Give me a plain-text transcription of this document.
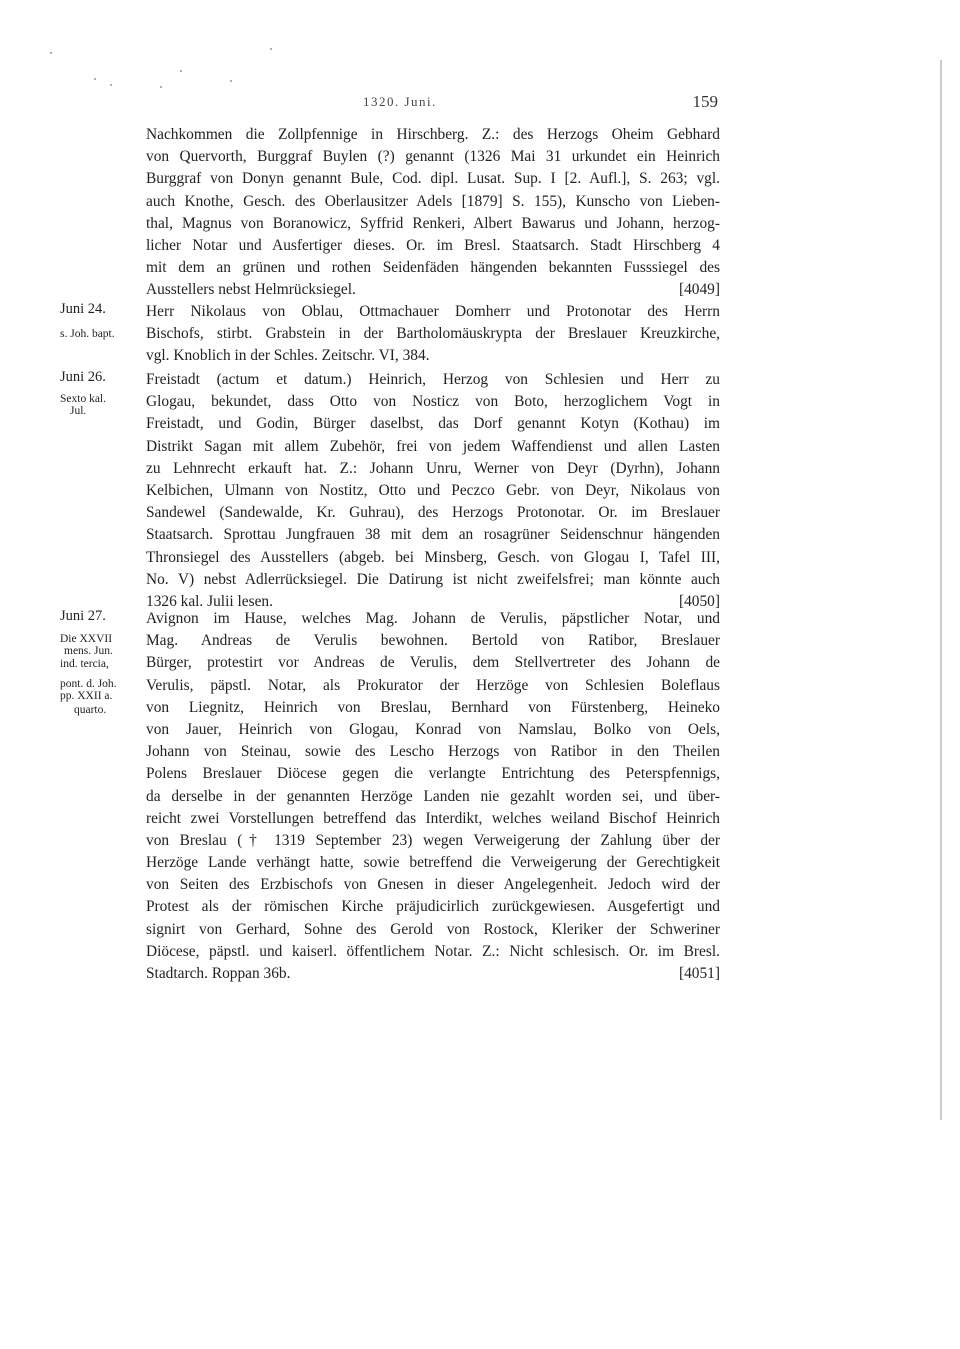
1320. Juni.	159
Nachkommen die Zollpfennige in Hirschberg. Z.: des Herzogs Oheim Gebhard
von Quervorth, Burggraf Buylen (?) genannt (1326 Mai 31 urkundet ein Heinrich
Burggraf von Donyn genannt Bule, Cod. dipl. Lusat. Sup. I [2. Aufl.], S. 263; vgl.
auch Knothe, Gesch. des Oberlausitzer Adels [1879] S. 155), Kunscho von Lieben-
thal, Magnus von Boranowicz, Syffrid Renkeri, Albert Bawarus und Johann, herzog-
licher Notar und Ausfertiger dieses. Or. im Bresl. Staatsarch. Stadt Hirschberg 4
mit dem an grünen und rothen Seidenfäden hängenden bekannten Fusssiegel des
Ausstellers nebst Helmrücksiegel.	[4049]
Juni 24.	Herr Nikolaus von Oblau, Ottmachauer Domherr und Protonotar des Herrn
s. Joh. bapt.	Bischofs, stirbt. Grabstein in der Bartholomäuskrypta der Breslauer Kreuzkirche,
vgl. Knoblich in der Schles. Zeitschr. VI, 384.
Juni 26.	Freistadt (actum et datum.) Heinrich, Herzog von Schlesien und Herr zu
Sexto kal.
Jul.
Glogau, bekundet, dass Otto von Nosticz von Boto, herzoglichem Vogt in
Freistadt, und Godin, Bürger daselbst, das Dorf genannt Kotyn (Kothau) im
Distrikt Sagan mit allem Zubehör, frei von jedem Waffendienst und allen Lasten
zu Lehnrecht erkauft hat. Z.: Johann Unru, Werner von Deyr (Dyrhn), Johann
Kelbichen, Ulmann von Nostitz, Otto und Peczco Gebr. von Deyr, Nikolaus von
Sandewel (Sandewalde, Kr. Guhrau), des Herzogs Protonotar. Or. im Breslauer
Staatsarch. Sprottau Jungfrauen 38 mit dem an rosagrüner Seidenschnur hängenden
Thronsiegel des Ausstellers (abgeb. bei Minsberg, Gesch. von Glogau I, Tafel III,
No. V) nebst Adlerrücksiegel. Die Datirung ist nicht zweifelsfrei; man könnte auch
1326 kal. Julii lesen.	[4050]
Juni 27.	Avignon im Hause, welches Mag. Johann de Verulis, päpstlicher Notar, und
Die XXVII
mens. Jun.
Mag. Andreas de Verulis bewohnen. Bertold von Ratibor, Breslauer
ind. tercia,	Bürger, protestirt vor Andreas de Verulis, dem Stellvertreter des Johann de
pont. d. Joh.
pp. XXII a.
Verulis, päpstl. Notar, als Prokurator der Herzöge von Schlesien Boleflaus
quarto.	von Liegnitz, Heinrich von Breslau, Bernhard von Fürstenberg, Heineko
von Jauer, Heinrich von Glogau, Konrad von Namslau, Bolko von Oels,
Johann von Steinau, sowie des Lescho Herzogs von Ratibor in den Theilen
Polens Breslauer Diöcese gegen die verlangte Entrichtung des Peterspfennigs,
da derselbe in der genannten Herzöge Landen nie gezahlt worden sei, und über-
reicht zwei Vorstellungen betreffend das Interdikt, welches weiland Bischof Heinrich
von Breslau († 1319 September 23) wegen Verweigerung der Zahlung über der
Herzöge Lande verhängt hatte, sowie betreffend die Verweigerung der Gerechtigkeit
von Seiten des Erzbischofs von Gnesen in dieser Angelegenheit. Jedoch wird der
Protest als der römischen Kirche präjudicirlich zurückgewiesen. Ausgefertigt und
signirt von Gerhard, Sohne des Gerold von Rostock, Kleriker der Schweriner
Diöcese, päpstl. und kaiserl. öffentlichem Notar. Z.: Nicht schlesisch. Or. im Bresl.
Stadtarch. Roppan 36b.	[4051]
